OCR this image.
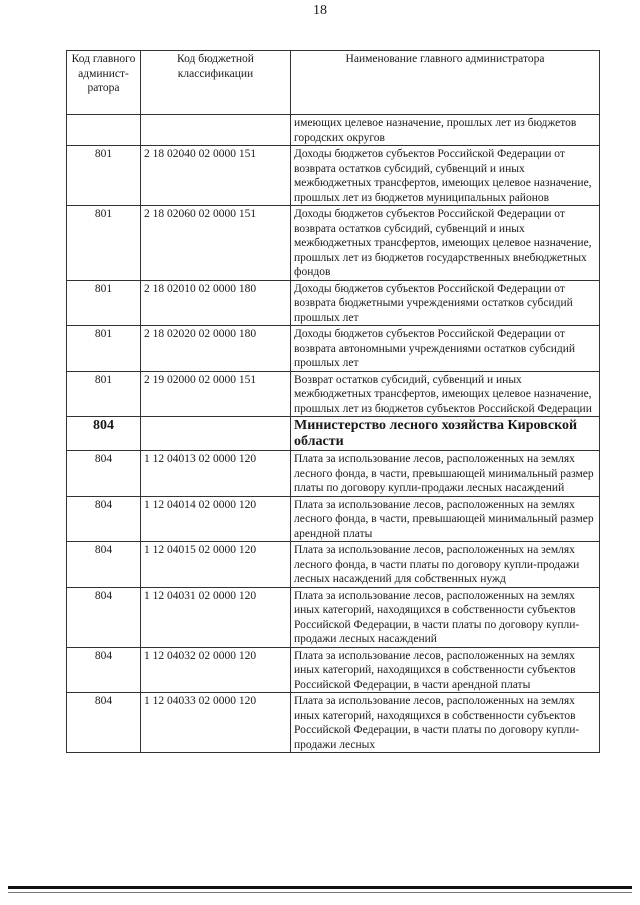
18
Код главного админист-ратора	Код бюджетной классификации	Наименование главного администратора
		имеющих целевое назначение, прошлых лет из бюджетов городских округов
801	2 18 02040 02 0000 151	Доходы бюджетов субъектов Российской Федерации от возврата остатков субсидий, субвенций и иных межбюджетных трансфертов, имеющих целевое назначение, прошлых лет из бюджетов муниципальных районов
801	2 18 02060 02 0000 151	Доходы бюджетов субъектов Российской Федерации от возврата остатков субсидий, субвенций и иных межбюджетных трансфертов, имеющих целевое назначение, прошлых лет из бюджетов государственных внебюджетных фондов
801	2 18 02010 02 0000 180	Доходы бюджетов субъектов Российской Федерации от возврата бюджетными учреждениями остатков субсидий прошлых лет
801	2 18 02020 02 0000 180	Доходы бюджетов субъектов Российской Федерации от возврата автономными учреждениями остатков субсидий прошлых лет
801	2 19 02000 02 0000 151	Возврат остатков субсидий, субвенций и иных межбюджетных трансфертов, имеющих целевое назначение, прошлых лет из бюджетов субъектов Российской Федерации
804		Министерство лесного хозяйства Кировской области
804	1 12 04013 02 0000 120	Плата за использование лесов, расположенных на землях лесного фонда, в части, превышающей минимальный размер платы по договору купли-продажи лесных насаждений
804	1 12 04014 02 0000 120	Плата за использование лесов, расположенных на землях лесного фонда, в части, превышающей минимальный размер арендной платы
804	1 12 04015 02 0000 120	Плата за использование лесов, расположенных на землях лесного фонда, в части платы по договору купли-продажи лесных насаждений для собственных нужд
804	1 12 04031 02 0000 120	Плата за использование лесов, расположенных на землях иных категорий, находящихся в собственности субъектов Российской Федерации, в части платы по договору купли-продажи лесных насаждений
804	1 12 04032 02 0000 120	Плата за использование лесов, расположенных на землях иных категорий, находящихся в собственности субъектов Российской Федерации, в части арендной платы
804	1 12 04033 02 0000 120	Плата за использование лесов, расположенных на землях иных категорий, находящихся в собственности субъектов Российской Федерации, в части платы по договору купли-продажи лесных
